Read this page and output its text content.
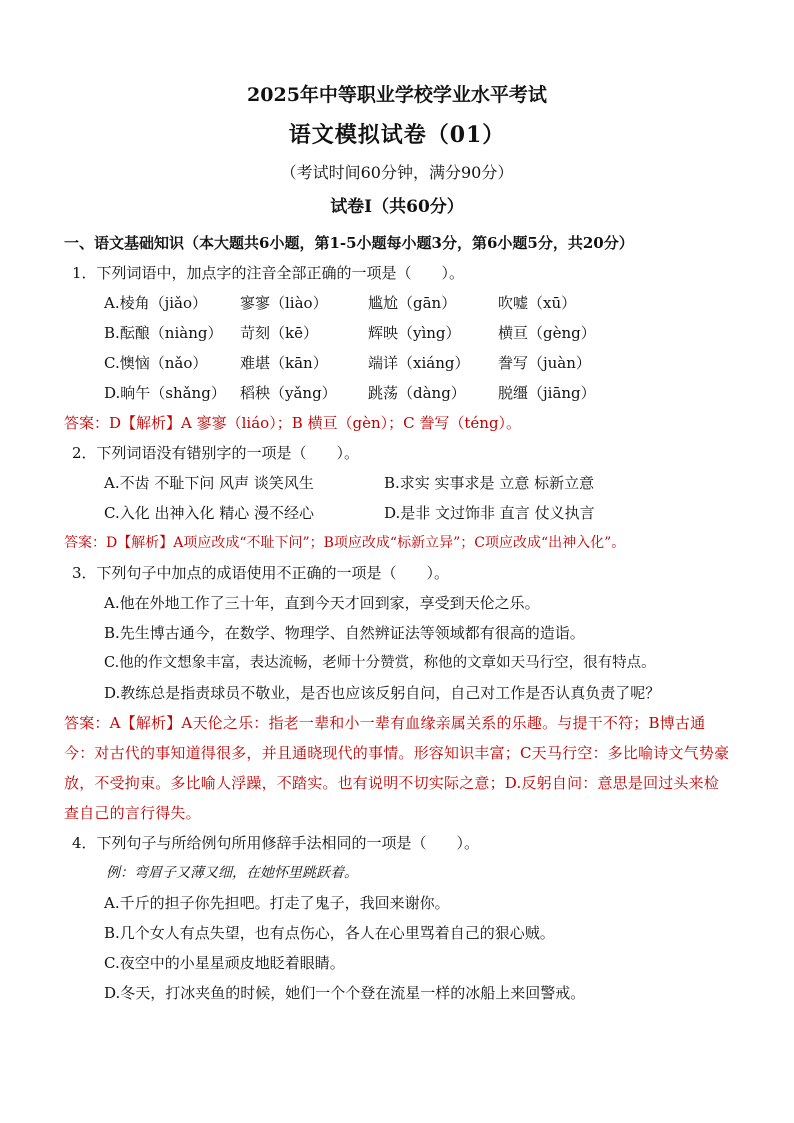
2025年中等职业学校学业水平考试
语文模拟试卷（01）
（考试时间60分钟，满分90分）
试卷Ⅰ（共60分）
一、语文基础知识（本大题共6小题，第1-5小题每小题3分，第6小题5分，共20分）
1．下列词语中，加点字的注音全部正确的一项是（　　）。
A.棱角（jiǎo）	寥寥（liào）	尴尬（gān）	吹嘘（xū）
B.酝酿（niàng）	苛刻（kē）	辉映（yìng）	横亘（gèng）
C.懊恼（nǎo）	难堪（kān）	端详（xiáng）	誊写（juàn）
D.晌午（shǎng） 稻秧（yǎng）	跳荡（dàng）	脱缰（jiāng）
答案：D【解析】A 寥寥（liáo）；B 横亘（gèn）；C 誊写（téng）。
2．下列词语没有错别字的一项是（　　）。
A.不齿 不耻下问 风声 谈笑风生	B.求实 实事求是 立意 标新立意
C.入化 出神入化 精心 漫不经心	D.是非 文过饰非 直言 仗义执言
答案：D【解析】A项应改成“不耻下问”；B项应改成“标新立异”；C项应改成“出神入化”。
3．下列句子中加点的成语使用不正确的一项是（　　）。
A.他在外地工作了三十年，直到今天才回到家，享受到天伦之乐。
B.先生博古通今，在数学、物理学、自然辨证法等领域都有很高的造诣。
C.他的作文想象丰富，表达流畅，老师十分赞赏，称他的文章如天马行空，很有特点。
D.教练总是指责球员不敬业，是否也应该反躬自问，自己对工作是否认真负责了呢？
答案：A【解析】A天伦之乐：指老一辈和小一辈有血缘亲属关系的乐趣。与提干不符；B博古通今：对古代的事知道得很多，并且通晓现代的事情。形容知识丰富；C天马行空：多比喻诗文气势豪放，不受拘束。多比喻人浮躁，不踏实。也有说明不切实际之意；D.反躬自问：意思是回过头来检查自己的言行得失。
4．下列句子与所给例句所用修辞手法相同的一项是（　　）。
例：弯眉子又薄又细，在她怀里跳跃着。
A.千斤的担子你先担吧。打走了鬼子，我回来谢你。
B.几个女人有点失望，也有点伤心，各人在心里骂着自己的狠心贼。
C.夜空中的小星星顽皮地眨着眼睛。
D.冬天，打冰夹鱼的时候，她们一个个登在流星一样的冰船上来回警戒。
